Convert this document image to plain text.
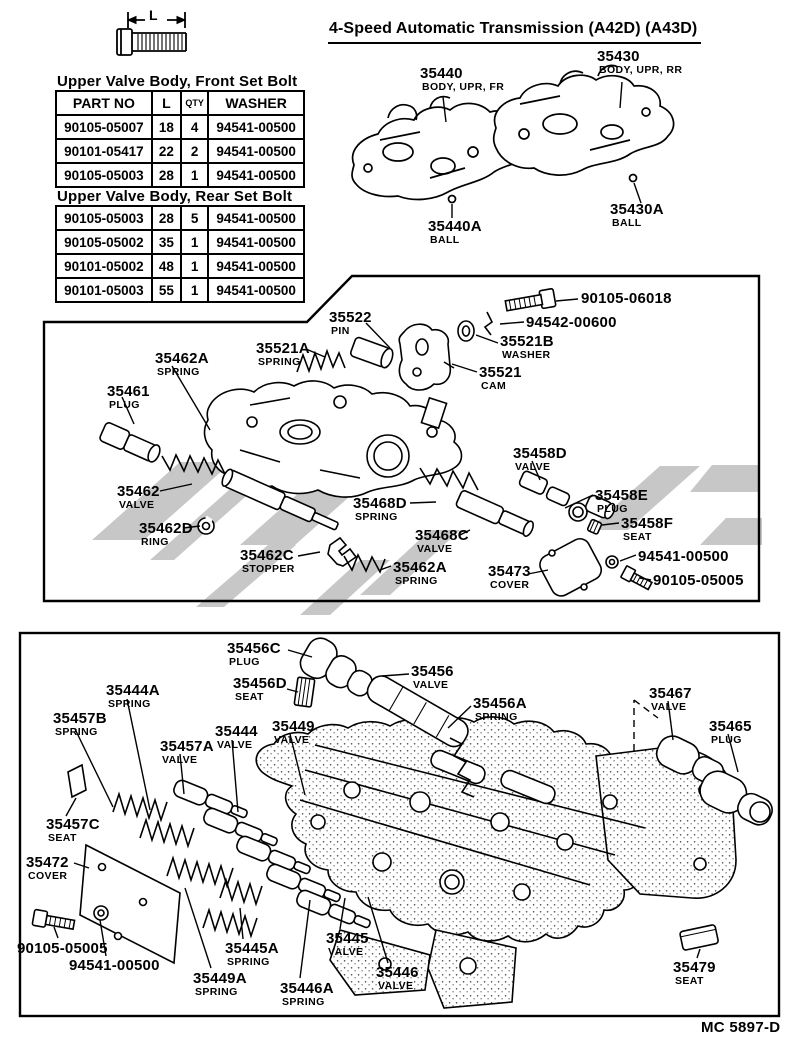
4-Speed Automatic Transmission (A42D) (A43D)
L
Upper Valve Body, Front Set Bolt
PART NO	L	QTY	WASHER
90105-05007	18	4	94541-00500
90101-05417	22	2	94541-00500
90105-05003	28	1	94541-00500
Upper Valve Body, Rear Set Bolt
90105-05003	28	5	94541-00500
90105-05002	35	1	94541-00500
90101-05002	48	1	94541-00500
90101-05003	55	1	94541-00500
35440
BODY, UPR, FR
35430
BODY, UPR, RR
35440A
BALL
35430A
BALL
35522
PIN
90105-06018
94542-00600
35521B
WASHER
35521
CAM
35521A
SPRING
35462A
SPRING
35461
PLUG
35462
VALVE
35462D
RING
35462C
STOPPER	35462A
SPRING
35468D
SPRING
35468C
VALVE
35458D
VALVE
35458E
PLUG
35458F
SEAT
94541-00500
90105-05005
35473
COVER
35456C
PLUG
35456
VALVE
35456D
SEAT	35456A
SPRING
35467
VALVE
35465
PLUG
35444A
SPRING
35457B
SPRING
35457A
VALVE
35444
VALVE
35449
VALVE
35457C
SEAT
35472
COVER
90105-05005
94541-00500
35449A
SPRING
35445A
SPRING
35446A
SPRING
35445
VALVE
35446
VALVE
35479
SEAT
MC 5897-D
